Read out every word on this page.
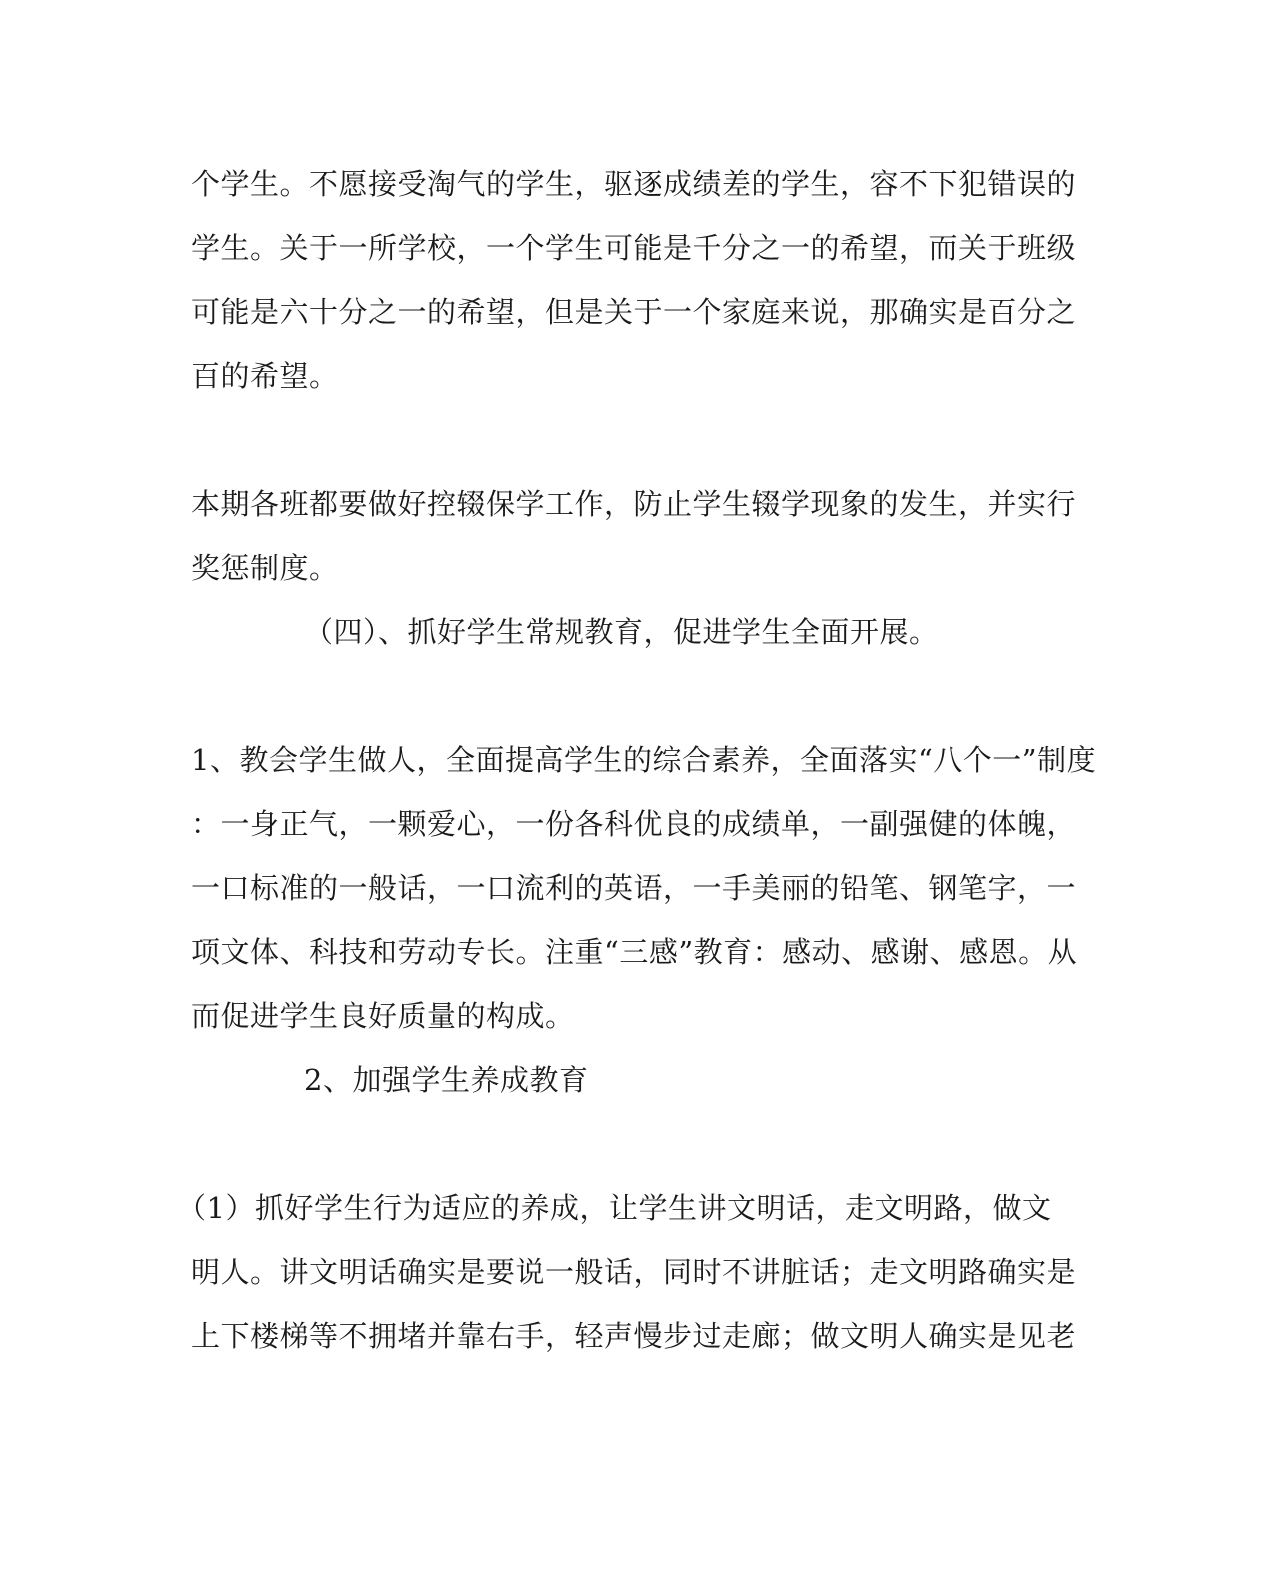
个学生。不愿接受淘气的学生，驱逐成绩差的学生，容不下犯错误的
学生。关于一所学校，一个学生可能是千分之一的希望，而关于班级
可能是六十分之一的希望，但是关于一个家庭来说，那确实是百分之
百的希望。
本期各班都要做好控辍保学工作，防止学生辍学现象的发生，并实行
奖惩制度。
（四）、抓好学生常规教育，促进学生全面开展。
1、教会学生做人，全面提高学生的综合素养，全面落实“八个一”制度
：一身正气，一颗爱心，一份各科优良的成绩单，一副强健的体魄，
一口标准的一般话，一口流利的英语，一手美丽的铅笔、钢笔字，一
项文体、科技和劳动专长。注重“三感”教育：感动、感谢、感恩。从
而促进学生良好质量的构成。
2、加强学生养成教育
（1）抓好学生行为适应的养成，让学生讲文明话，走文明路，做文
明人。讲文明话确实是要说一般话，同时不讲脏话；走文明路确实是
上下楼梯等不拥堵并靠右手，轻声慢步过走廊；做文明人确实是见老
